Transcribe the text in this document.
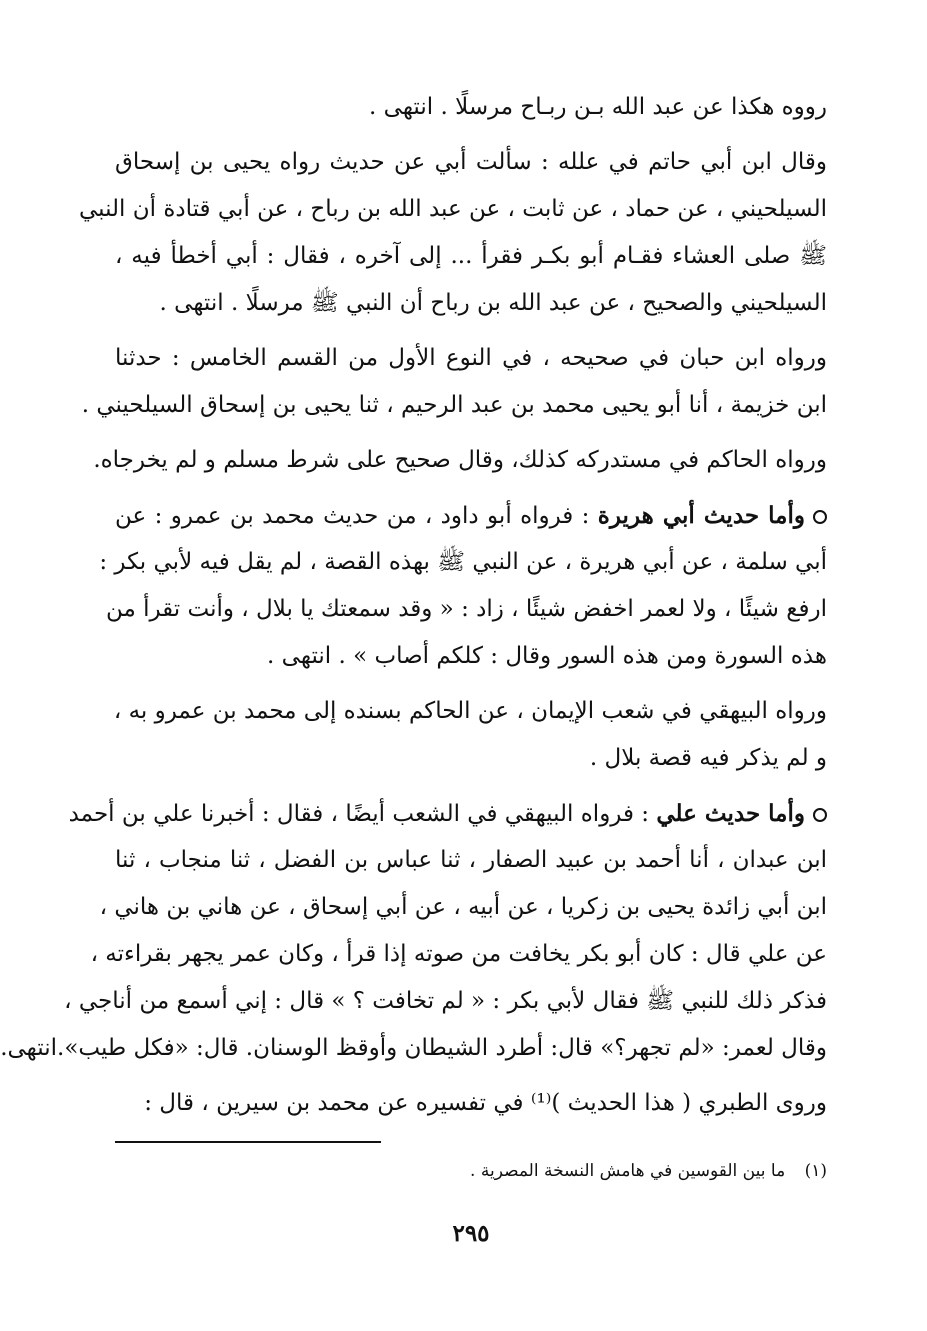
رووه هكذا عن عبد الله بـن ربـاح مرسلًا . انتهى .
وقال ابن أبي حاتم في علله : سألت أبي عن حديث رواه يحيى بن إسحاق
السيلحيني ، عن حماد ، عن ثابت ، عن عبد الله بن رباح ، عن أبي قتادة أن النبي
ﷺ صلى العشاء فقـام أبو بكـر فقرأ ... إلى آخره ، فقال : أبي أخطأ فيه ،
السيلحيني والصحيح ، عن عبد الله بن رباح أن النبي ﷺ مرسلًا . انتهى .
ورواه ابن حبان في صحيحه ، في النوع الأول من القسم الخامس : حدثنا
ابن خزيمة ، أنا أبو يحيى محمد بن عبد الرحيم ، ثنا يحيى بن إسحاق السيلحيني .
ورواه الحاكم في مستدركه كذلك، وقال صحيح على شرط مسلم و لم يخرجاه.
وأما حديث أبي هريرة : فرواه أبو داود ، من حديث محمد بن عمرو : عن
أبي سلمة ، عن أبي هريرة ، عن النبي ﷺ بهذه القصة ، لم يقل فيه لأبي بكر :
ارفع شيئًا ، ولا لعمر اخفض شيئًا ، زاد : « وقد سمعتك يا بلال ، وأنت تقرأ من
هذه السورة ومن هذه السور وقال : كلكم أصاب » . انتهى .
ورواه البيهقي في شعب الإيمان ، عن الحاكم بسنده إلى محمد بن عمرو به ،
و لم يذكر فيه قصة بلال .
وأما حديث علي : فرواه البيهقي في الشعب أيضًا ، فقال : أخبرنا علي بن أحمد
ابن عبدان ، أنا أحمد بن عبيد الصفار ، ثنا عباس بن الفضل ، ثنا منجاب ، ثنا
ابن أبي زائدة يحيى بن زكريا ، عن أبيه ، عن أبي إسحاق ، عن هاني بن هاني ،
عن علي قال : كان أبو بكر يخافت من صوته إذا قرأ ، وكان عمر يجهر بقراءته ،
فذكر ذلك للنبي ﷺ فقال لأبي بكر : « لم تخافت ؟ » قال : إني أسمع من أناجي ،
وقال لعمر: «لم تجهر؟» قال: أطرد الشيطان وأوقظ الوسنان. قال: «فكل طيب».انتهى.
وروى الطبري ( هذا الحديث )⁽¹⁾ في تفسيره عن محمد بن سيرين ، قال :
(١) ما بين القوسين في هامش النسخة المصرية .
٢٩٥
